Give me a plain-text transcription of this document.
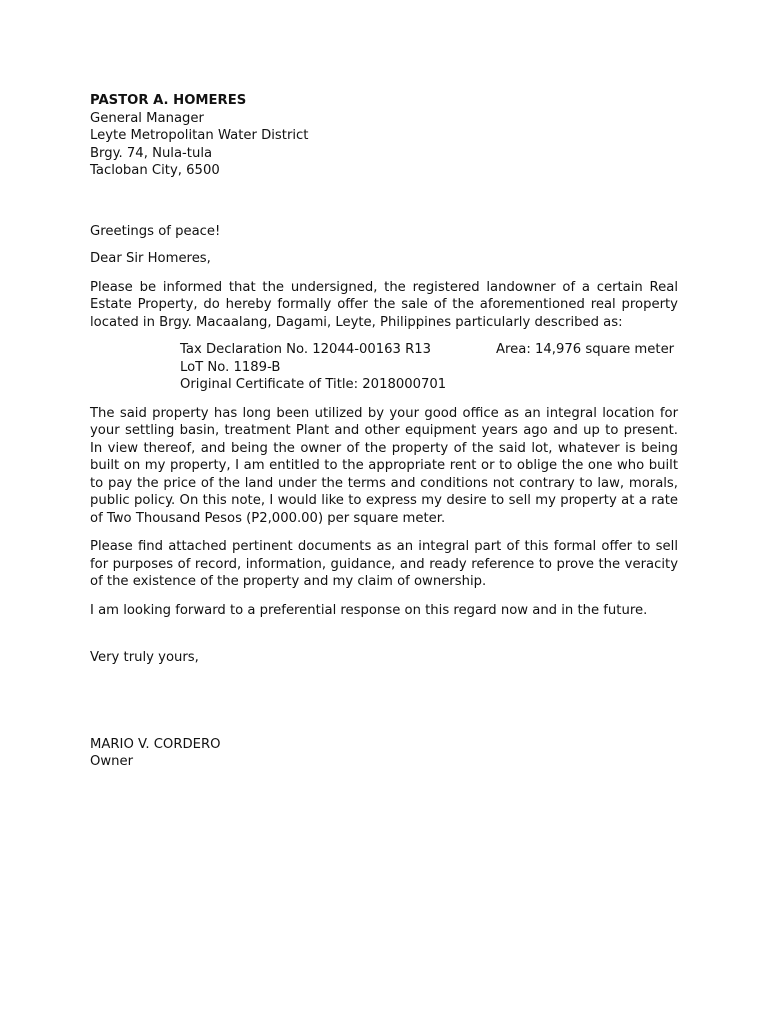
PASTOR A. HOMERES
General Manager
Leyte Metropolitan Water District
Brgy. 74, Nula-tula
Tacloban City, 6500
Greetings of peace!
Dear Sir Homeres,

Please be informed that the undersigned, the registered landowner of a certain Real Estate Property, do hereby formally offer the sale of the aforementioned real property located in Brgy. Macaalang, Dagami, Leyte, Philippines particularly described as:

Tax Declaration No. 12044-00163 R13	Area: 14,976 square meter
LoT No. 1189-B
Original Certificate of Title: 2018000701

The said property has long been utilized by your good office as an integral location for your settling basin, treatment Plant and other equipment years ago and up to present. In view thereof, and being the owner of the property of the said lot, whatever is being built on my property, I am entitled to the appropriate rent or to oblige the one who built to pay the price of the land under the terms and conditions not contrary to law, morals, public policy. On this note, I would like to express my desire to sell my property at a rate of Two Thousand Pesos (P2,000.00) per square meter.

Please find attached pertinent documents as an integral part of this formal offer to sell for purposes of record, information, guidance, and ready reference to prove the veracity of the existence of the property and my claim of ownership.

I am looking forward to a preferential response on this regard now and in the future.

Very truly yours,
MARIO V. CORDERO
Owner
